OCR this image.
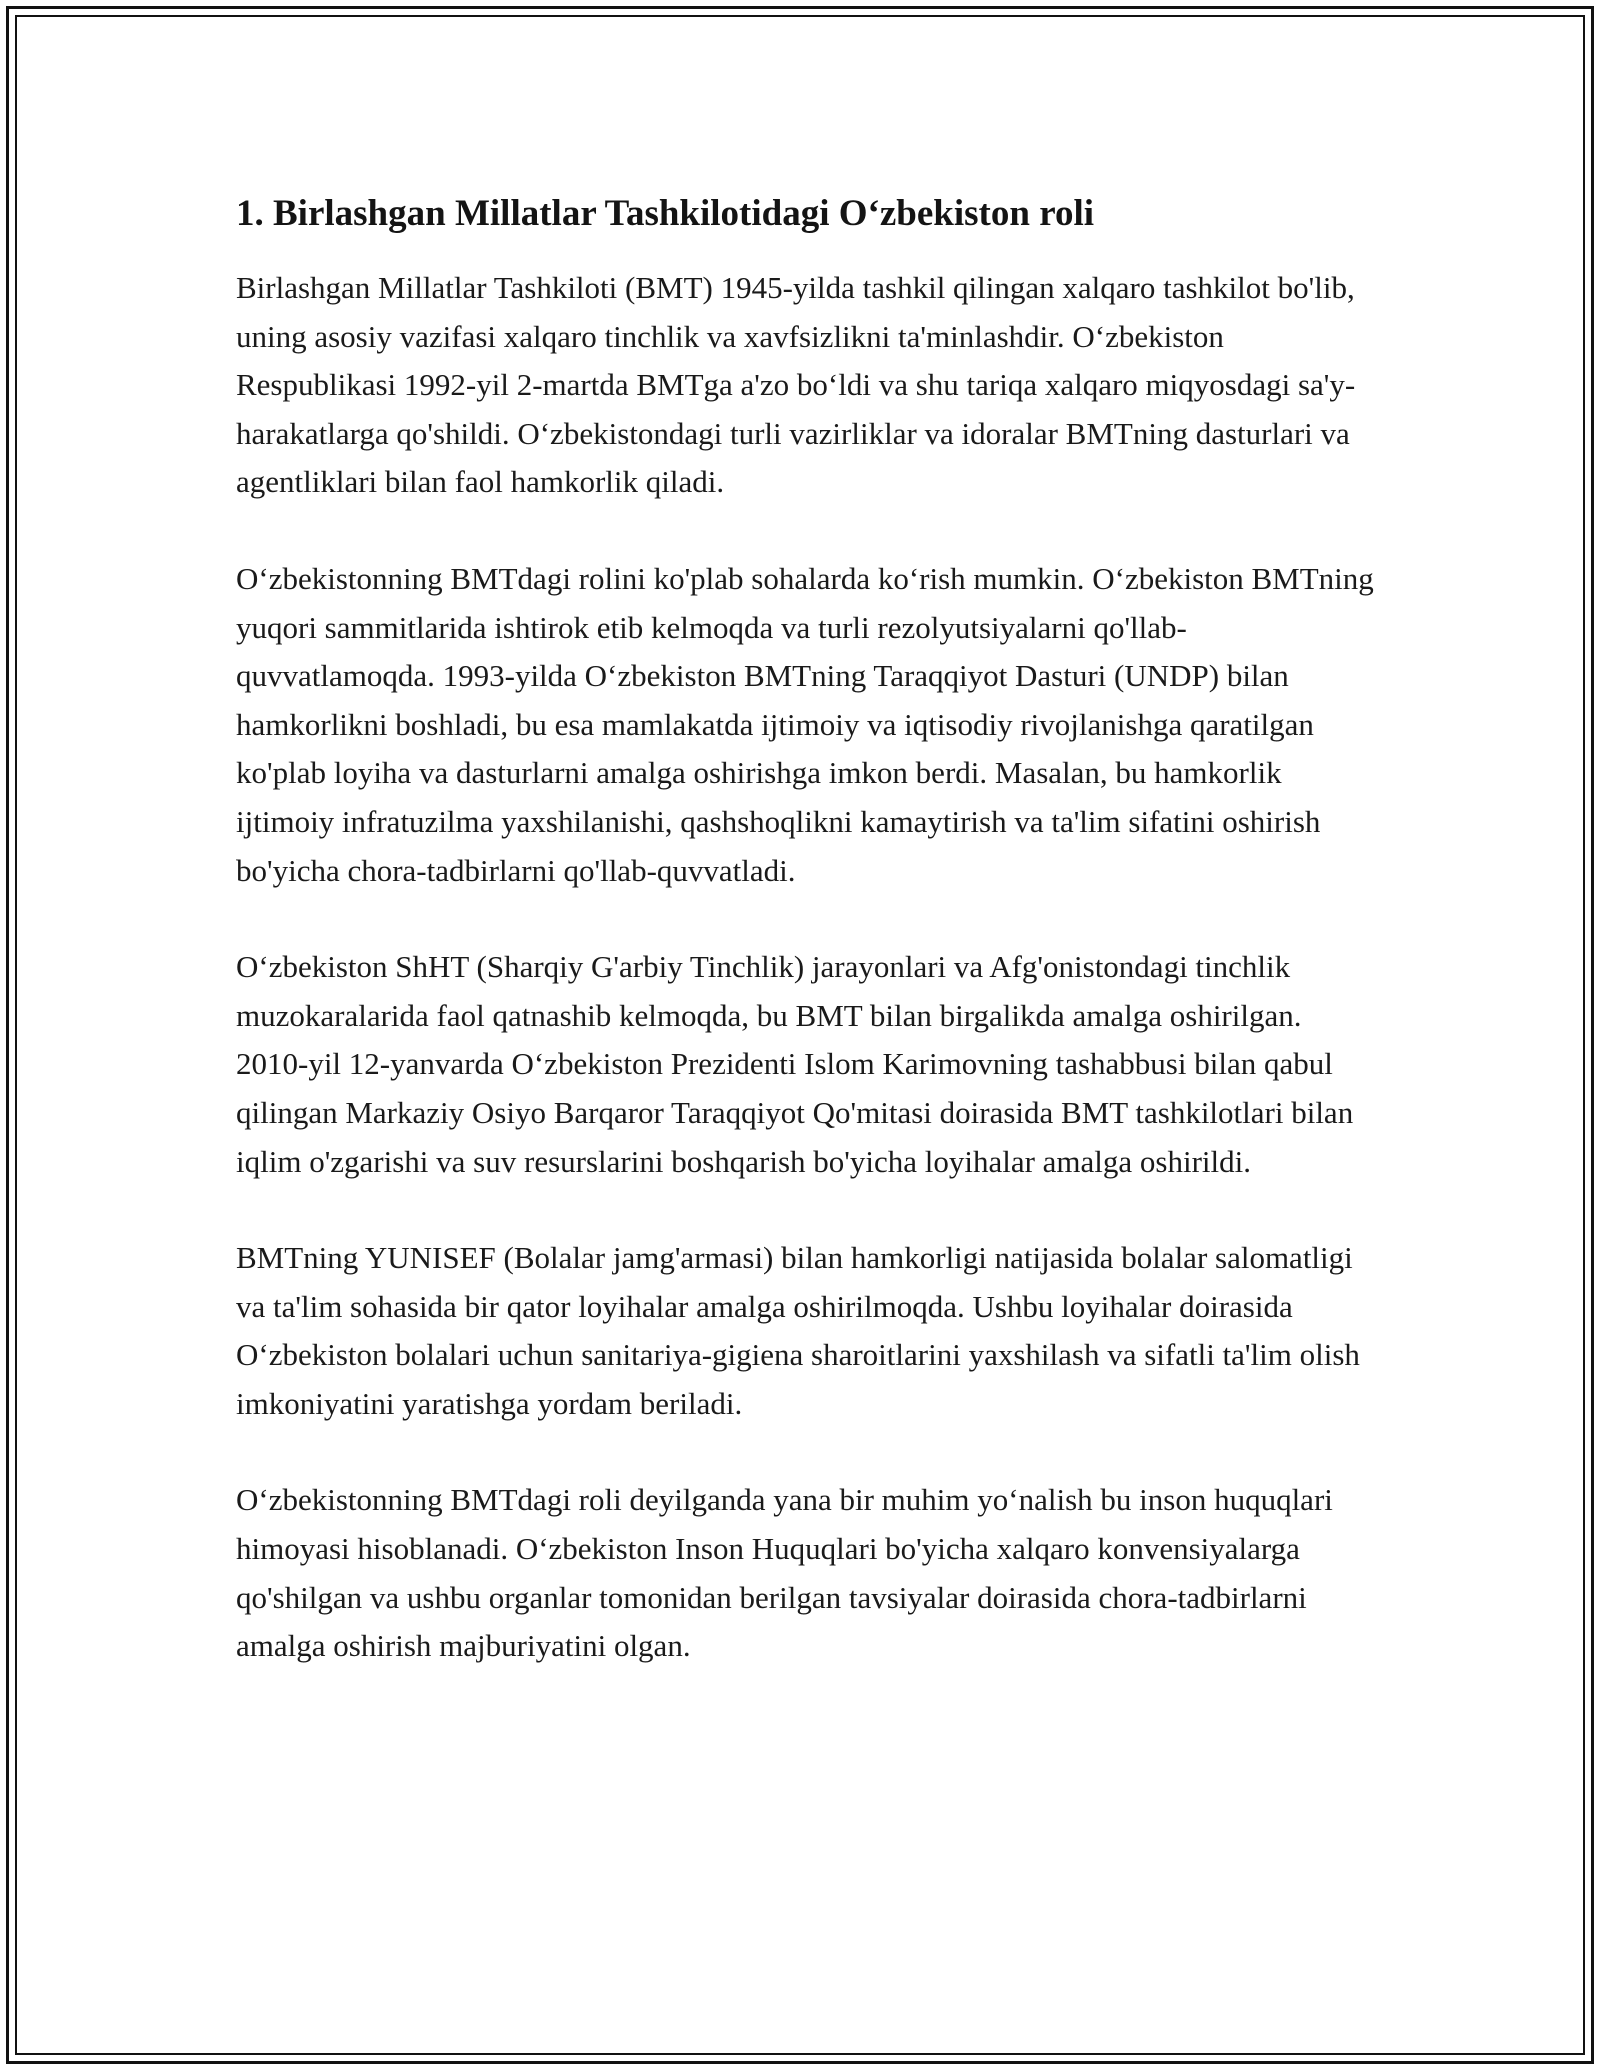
1. Birlashgan Millatlar Tashkilotidagi O‘zbekiston roli

Birlashgan Millatlar Tashkiloti (BMT) 1945-yilda tashkil qilingan xalqaro tashkilot bo'lib, uning asosiy vazifasi xalqaro tinchlik va xavfsizlikni ta'minlashdir. O‘zbekiston Respublikasi 1992-yil 2-martda BMTga a'zo bo‘ldi va shu tariqa xalqaro miqyosdagi sa'y-harakatlarga qo'shildi. O‘zbekistondagi turli vazirliklar va idoralar BMTning dasturlari va agentliklari bilan faol hamkorlik qiladi.

O‘zbekistonning BMTdagi rolini ko'plab sohalarda ko‘rish mumkin. O‘zbekiston BMTning yuqori sammitlarida ishtirok etib kelmoqda va turli rezolyutsiyalarni qo'llab-quvvatlamoqda. 1993-yilda O‘zbekiston BMTning Taraqqiyot Dasturi (UNDP) bilan hamkorlikni boshladi, bu esa mamlakatda ijtimoiy va iqtisodiy rivojlanishga qaratilgan ko'plab loyiha va dasturlarni amalga oshirishga imkon berdi. Masalan, bu hamkorlik ijtimoiy infratuzilma yaxshilanishi, qashshoqlikni kamaytirish va ta'lim sifatini oshirish bo'yicha chora-tadbirlarni qo'llab-quvvatladi.

O‘zbekiston ShHT (Sharqiy G'arbiy Tinchlik) jarayonlari va Afg'onistondagi tinchlik muzokaralarida faol qatnashib kelmoqda, bu BMT bilan birgalikda amalga oshirilgan. 2010-yil 12-yanvarda O‘zbekiston Prezidenti Islom Karimovning tashabbusi bilan qabul qilingan Markaziy Osiyo Barqaror Taraqqiyot Qo'mitasi doirasida BMT tashkilotlari bilan iqlim o'zgarishi va suv resurslarini boshqarish bo'yicha loyihalar amalga oshirildi.

BMTning YUNISEF (Bolalar jamg'armasi) bilan hamkorligi natijasida bolalar salomatligi va ta'lim sohasida bir qator loyihalar amalga oshirilmoqda. Ushbu loyihalar doirasida O‘zbekiston bolalari uchun sanitariya-gigiena sharoitlarini yaxshilash va sifatli ta'lim olish imkoniyatini yaratishga yordam beriladi.

O‘zbekistonning BMTdagi roli deyilganda yana bir muhim yo‘nalish bu inson huquqlari himoyasi hisoblanadi. O‘zbekiston Inson Huquqlari bo'yicha xalqaro konvensiyalarga qo'shilgan va ushbu organlar tomonidan berilgan tavsiyalar doirasida chora-tadbirlarni amalga oshirish majburiyatini olgan.
